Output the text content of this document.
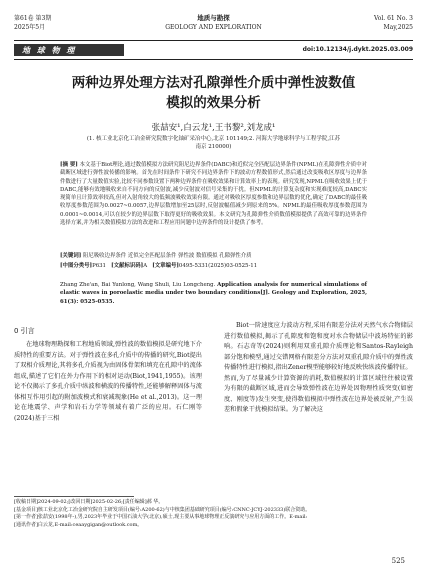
第61卷 第3期
2025年5月
地质与勘探
GEOLOGY AND EXPLORATION
Vol. 61 No. 3
May,2025
地 球 物 理	doi:10.12134/j.dykt.2025.03.009
两种边界处理方法对孔隙弹性介质中弹性波数值
模拟的效果分析
张喆安¹,白云龙¹,王书黎²,刘龙成¹
(1. 核工业北京化工冶金研究院数字化铀矿采冶中心,北京 101149;2. 河海大学地球科学与工程学院,江苏
南京 210000)
[摘 要] 本文基于Biot理论,通过数值模拟方法研究阻尼边界条件(DABC)和近似完全匹配层边界条件(NPML)在孔隙弹性介质中对截断区域进行弹性波传播的影响。首先在时间条件下研究不同边界条件下的波动方程数值形式,然后通过改变吸收区厚度与边界条件数进行了大量数值实验,比较不同参数设置下两种边界条件在吸收效果和计算效率上的表现。研究发现,NPML在吸收效果上优于DABC,能够有效地吸收来自不同方向的反射波,减少反射波对信号采集的干扰。但NPML的计算复杂度和实现难度较高,DABC实现简单且计算效率较高,但对入射角较大的低频波吸收效果有限。通过对吸收区厚度参数和边界层数的优化,确定了DABC的最佳吸收厚度参数范围为0.0027~0.0057,边界层数增加至25层时,反射波幅值减少到原来的5%。NPML的最佳吸收厚度参数范围为0.0001~0.0014,可以在较少的边界层数下取得更好的吸收效果。本文研究为孔隙弹性介质数值模拟提供了高效可靠的边界条件选择方案,并为相关数值模拟方法的改进和工程应用问题中边界条件的设计提供了参考。
[关键词] 阻尼吸收边界条件 近似完全匹配层条件 弹性波 数值模拟 孔隙弹性介质
[中图分类号]P631 [文献标识码]A [文章编号]0495-5331(2025)03-0525-11
Zhang Zhe'an, Bai Yunlong, Wang Shuli, Liu Longcheng. Application analysis for numerical simulations of elastic waves in poroelastic media under two boundary conditions[J]. Geology and Exploration, 2025, 61(3): 0525-0535.
0 引言

在地球物理勘探和工程地质领域,弹性波的数值模拟是研究地下介质特性的重要方法。对于弹性波在多孔介质中的传播的研究,Biot提出了双相介质理论,其将多孔介质视为由固体骨架和填充在孔隙中的流体组成,描述了它们在外力作用下的相对运动(Biot,1941,1955)。该理论不仅揭示了多孔介质中纵波和横波的传播特性,还能够解释固体与流体相互作用引起的附加波模式和衰减现象(He et al.,2013)。这一理论在地震学、声学和岩石力学等领域有着广泛的应用。石仁刚等(2024)基于三相

Biot一阶速度应力波动方程,采用有限差分法对天然气水合物储层进行数值模拟,揭示了孔隙度和饱和度对水合物储层中波场特征的影响。石志奇等(2024)则利用双重孔隙介质理论和Santos-Rayleigh部分饱和模型,通过交错网格有限差分方法对双重孔隙介质中的弹性波传播特性进行模拟,指出Zener模型能够较好地反映快纵波传播特征。
然而,为了尽量减少计算资源的消耗,数值模拟的计算区域往往被设置为有限的截断区域,进而会导致弹性波在边界处因物理性质突变(如密度、刚度等)发生突变,使得数值模拟中弹性波在边界处被反射,产生误差和假象干扰模拟结果。为了解决这

[收稿日期]2024-09-02;[改回日期]2025-02-26;[责任编辑]郝 华。
[基金项目]核工业北京化工冶金研究院自主研发项目(编号:A200-62)与中核集团基础研究项目(编号:CNNC-JCYJ-202333)联合资助。
[第一作者]张喆安(1998年-),男,2023年毕业于中国石油大学(北京),硕士,现主要从事地球物理正反演研究与应用方面的工作。E-mail:
[通讯作者]白云龙,E-mail:ceaaygigan@outlook.com。
525
